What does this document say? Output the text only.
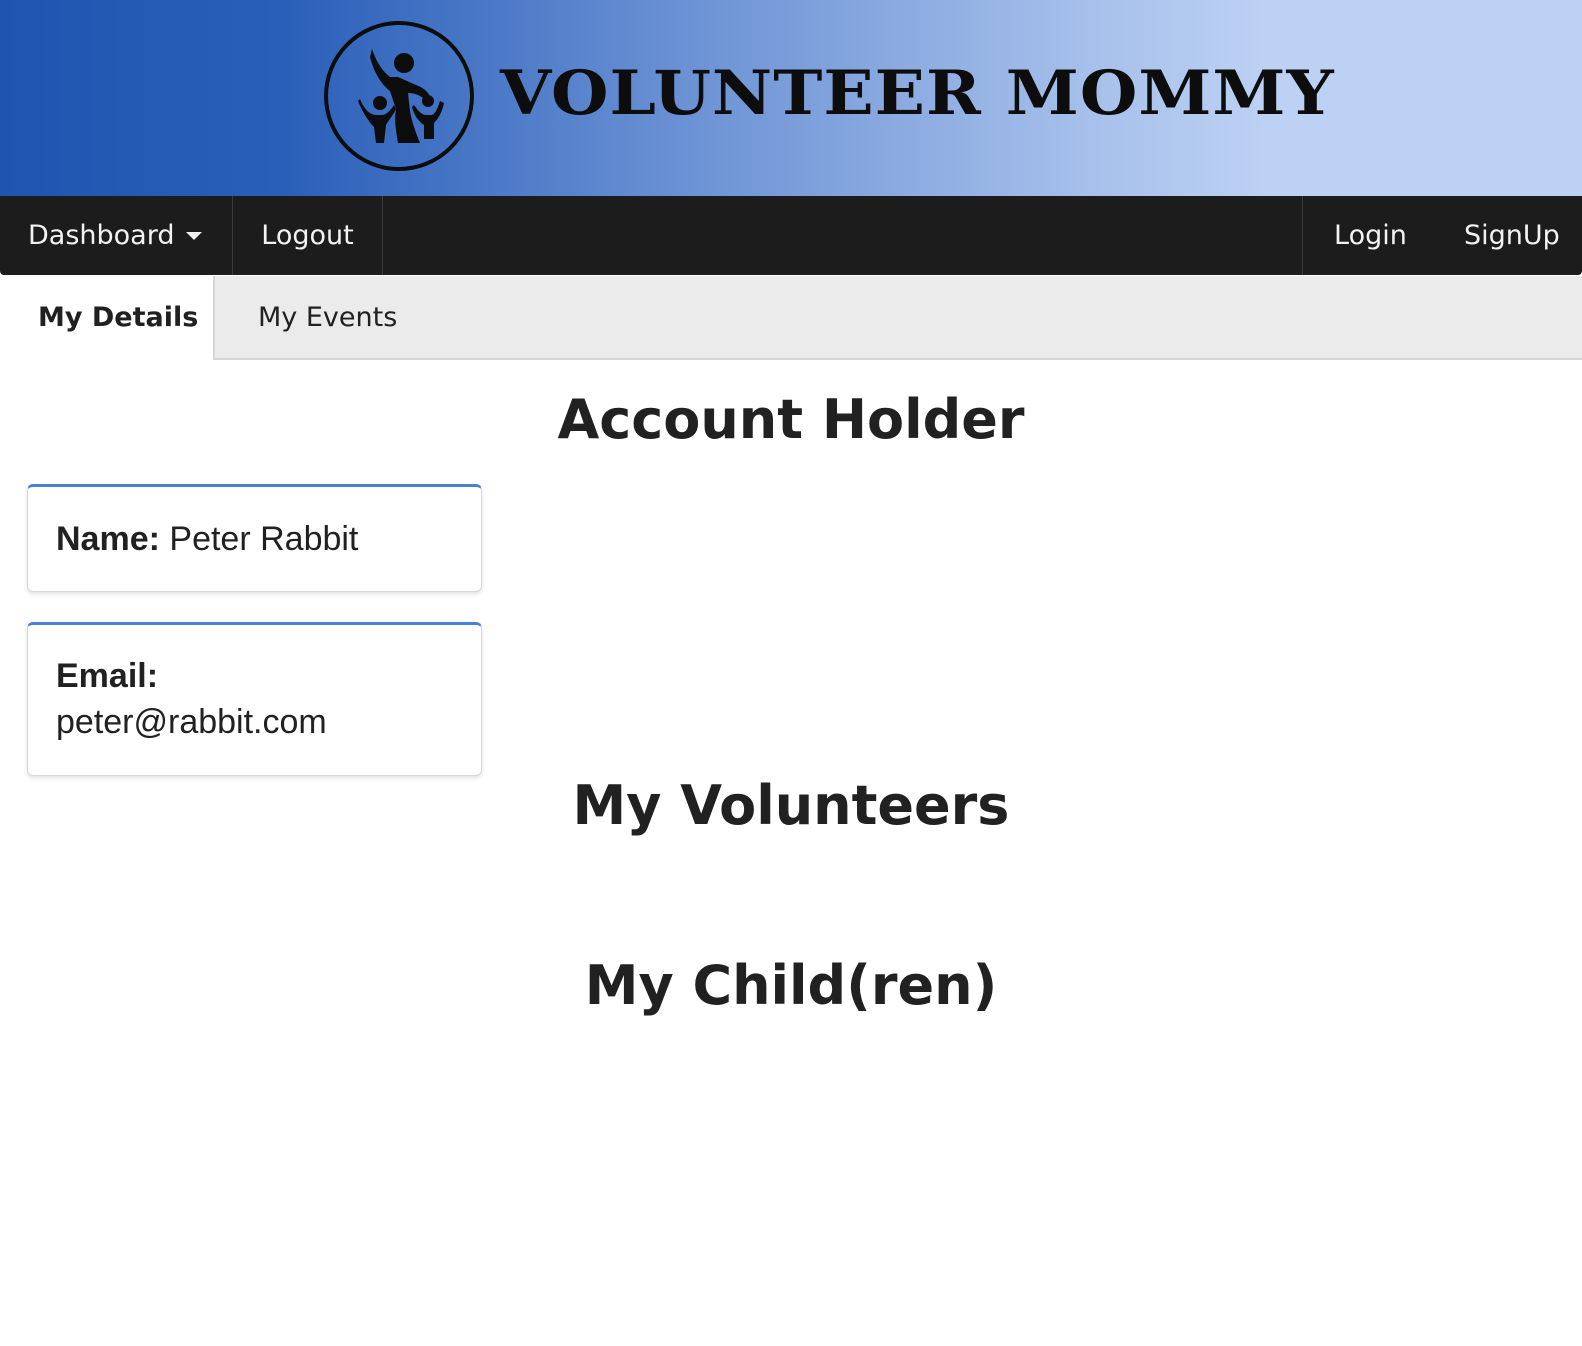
VOLUNTEER MOMMY
Dashboard	Logout	Login SignUp
My Details	My Events
Account Holder
Name: Peter Rabbit
Email:
peter@rabbit.com
My Volunteers
My Child(ren)
